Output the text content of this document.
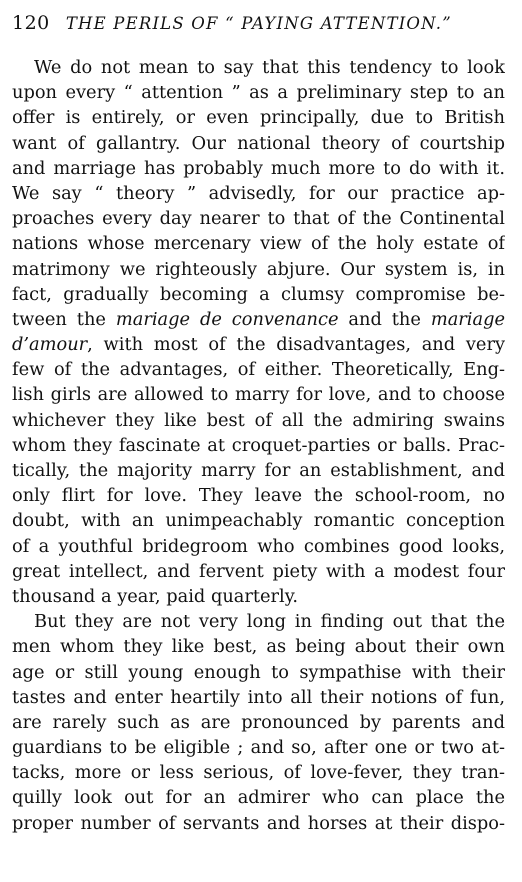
120 THE PERILS OF “ PAYING ATTENTION.”
We do not mean to say that this tendency to look
upon every “ attention ” as a preliminary step to an
offer is entirely, or even principally, due to British
want of gallantry. Our national theory of courtship
and marriage has probably much more to do with it.
We say “ theory ” advisedly, for our practice ap-
proaches every day nearer to that of the Continental
nations whose mercenary view of the holy estate of
matrimony we righteously abjure. Our system is, in
fact, gradually becoming a clumsy compromise be-
tween the mariage de convenance and the mariage
d’amour, with most of the disadvantages, and very
few of the advantages, of either. Theoretically, Eng-
lish girls are allowed to marry for love, and to choose
whichever they like best of all the admiring swains
whom they fascinate at croquet-parties or balls. Prac-
tically, the majority marry for an establishment, and
only flirt for love. They leave the school-room, no
doubt, with an unimpeachably romantic conception
of a youthful bridegroom who combines good looks,
great intellect, and fervent piety with a modest four
thousand a year, paid quarterly.
But they are not very long in finding out that the
men whom they like best, as being about their own
age or still young enough to sympathise with their
tastes and enter heartily into all their notions of fun,
are rarely such as are pronounced by parents and
guardians to be eligible ; and so, after one or two at-
tacks, more or less serious, of love-fever, they tran-
quilly look out for an admirer who can place the
proper number of servants and horses at their dispo-
